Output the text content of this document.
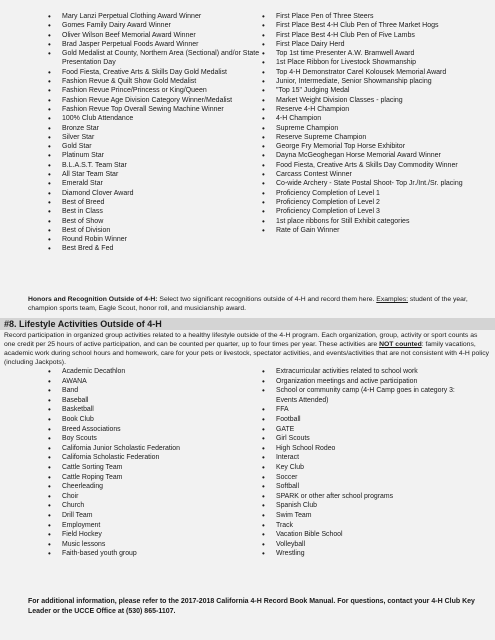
• Mary Lanzi Perpetual Clothing Award Winner
• Gomes Family Dairy Award Winner
• Oliver Wilson Beef Memorial Award Winner
• Brad Jasper Perpetual Foods Award Winner
• Gold Medalist at County, Northern Area (Sectional) and/or State Presentation Day
• Food Fiesta, Creative Arts & Skills Day Gold Medalist
• Fashion Revue & Quilt Show Gold Medalist
• Fashion Revue Prince/Princess or King/Queen
• Fashion Revue Age Division Category Winner/Medalist
• Fashion Revue Top Overall Sewing Machine Winner
• 100% Club Attendance
• Bronze Star
• Silver Star
• Gold Star
• Platinum Star
• B.L.A.S.T. Team Star
• All Star Team Star
• Emerald Star
• Diamond Clover Award
• Best of Breed
• Best in Class
• Best of Show
• Best of Division
• Round Robin Winner
• Best Bred & Fed
• First Place Pen of Three Steers
• First Place Best 4-H Club Pen of Three Market Hogs
• First Place Best 4-H Club Pen of Five Lambs
• First Place Dairy Herd
• Top 1st time Presenter A.W. Bramwell Award
• 1st Place Ribbon for Livestock Showmanship
• Top 4-H Demonstrator Carel Kolousek Memorial Award
• Junior, Intermediate, Senior Showmanship placing
• "Top 15" Judging Medal
• Market Weight Division Classes - placing
• Reserve 4-H Champion
• 4-H Champion
• Supreme Champion
• Reserve Supreme Champion
• George Fry Memorial Top Horse Exhibitor
• Dayna McGeoghegan Horse Memorial Award Winner
• Food Fiesta, Creative Arts & Skills Day Commodity Winner
• Carcass Contest Winner
• Co-wide Archery - State Postal Shoot- Top Jr./Int./Sr. placing
• Proficiency Completion of Level 1
• Proficiency Completion of Level 2
• Proficiency Completion of Level 3
• 1st place ribbons for Still Exhibit categories
• Rate of Gain Winner
Honors and Recognition Outside of 4-H: Select two significant recognitions outside of 4-H and record them here. Examples: student of the year, champion sports team, Eagle Scout, honor roll, and musicianship award.
#8. Lifestyle Activities Outside of 4-H
Record participation in organized group activities related to a healthy lifestyle outside of the 4-H program. Each organization, group, activity or sport counts as one credit per 25 hours of active participation, and can be counted per quarter, up to four times per year. These activities are NOT counted: family vacations, academic work during school hours and homework, care for your pets or livestock, spectator activities, and events/activities that are not consistent with 4-H policy (including Jackpots).
• Academic Decathlon
• AWANA
• Band
• Baseball
• Basketball
• Book Club
• Breed Associations
• Boy Scouts
• California Junior Scholastic Federation
• California Scholastic Federation
• Cattle Sorting Team
• Cattle Roping Team
• Cheerleading
• Choir
• Church
• Drill Team
• Employment
• Field Hockey
• Music lessons
• Faith-based youth group
• Extracurricular activities related to school work
• Organization meetings and active participation
• School or community camp (4-H Camp goes in category 3: Events Attended)
• FFA
• Football
• GATE
• Girl Scouts
• High School Rodeo
• Interact
• Key Club
• Soccer
• Softball
• SPARK or other after school programs
• Spanish Club
• Swim Team
• Track
• Vacation Bible School
• Volleyball
• Wrestling
For additional information, please refer to the 2017-2018 California 4-H Record Book Manual. For questions, contact your 4-H Club Key Leader or the UCCE Office at (530) 865-1107.
